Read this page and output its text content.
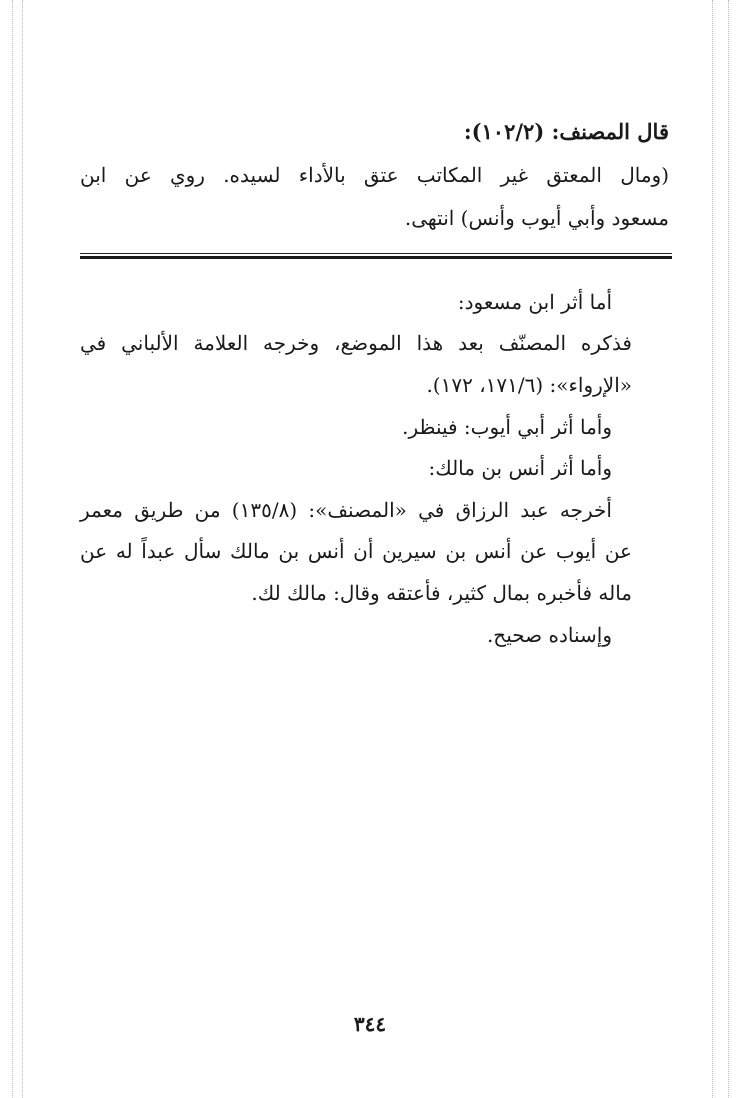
قال المصنف: (١٠٢/٢):
(ومال المعتق غير المكاتب عتق بالأداء لسيده. روي عن ابن
مسعود وأبي أيوب وأنس) انتهى.
أما أثر ابن مسعود:
فذكره المصنّف بعد هذا الموضع، وخرجه العلامة الألباني في
«الإرواء»: (١٧١/٦، ١٧٢).
وأما أثر أبي أيوب: فينظر.
وأما أثر أنس بن مالك:
أخرجه عبد الرزاق في «المصنف»: (١٣٥/٨) من طريق معمر
عن أيوب عن أنس بن سيرين أن أنس بن مالك سأل عبداً له عن
ماله فأخبره بمال كثير، فأعتقه وقال: مالك لك.
وإسناده صحيح.
٣٤٤
